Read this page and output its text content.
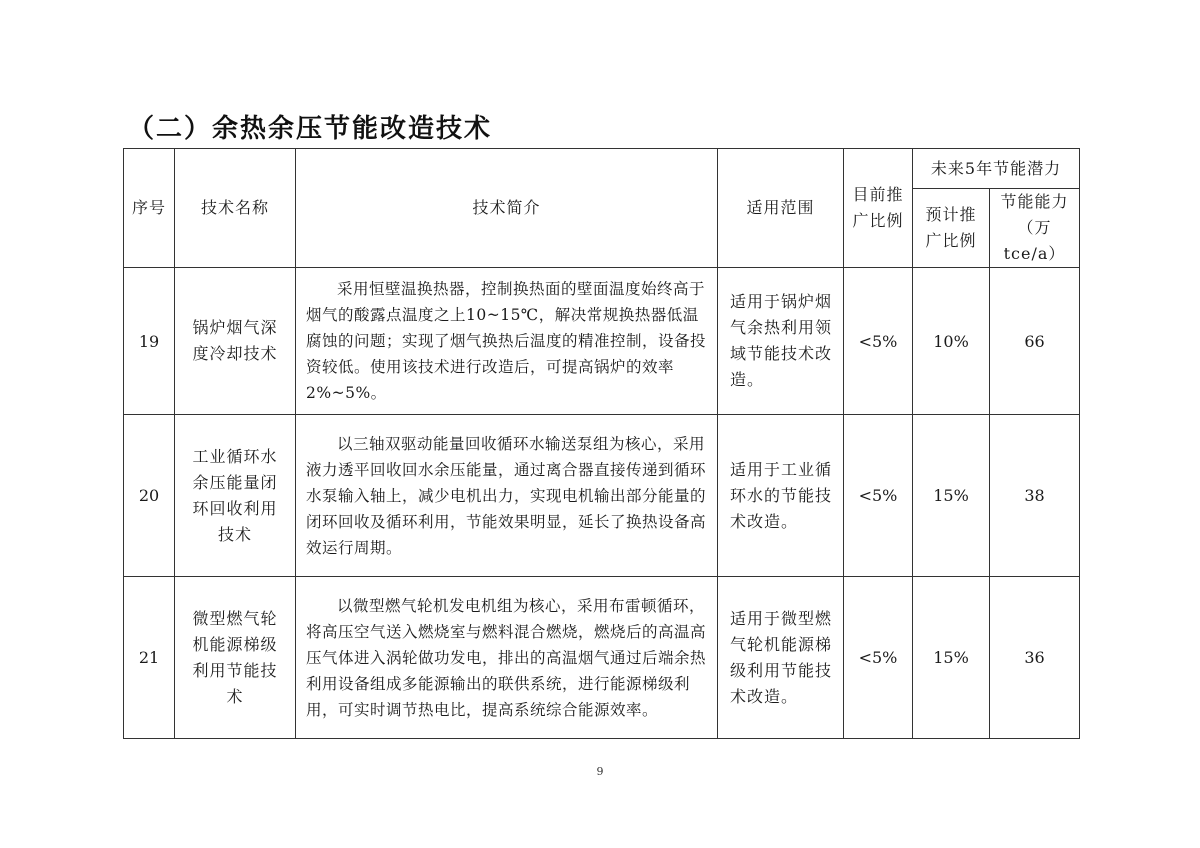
（二）余热余压节能改造技术
序号	技术名称	技术简介	适用范围	目前推广比例	未来5年节能潜力	

					预计推广比例	节能能力（万 tce/a）

19	锅炉烟气深度冷却技术	采用恒壁温换热器，控制换热面的壁面温度始终高于烟气的酸露点温度之上10~15℃，解决常规换热器低温腐蚀的问题；实现了烟气换热后温度的精准控制，设备投资较低。使用该技术进行改造后，可提高锅炉的效率2%~5%。	适用于锅炉烟气余热利用领域节能技术改造。	<5%	10%	66
20	工业循环水余压能量闭环回收利用技术	以三轴双驱动能量回收循环水输送泵组为核心，采用液力透平回收回水余压能量，通过离合器直接传递到循环水泵输入轴上，减少电机出力，实现电机输出部分能量的闭环回收及循环利用，节能效果明显，延长了换热设备高效运行周期。	适用于工业循环水的节能技术改造。	<5%	15%	38
21	微型燃气轮机能源梯级利用节能技术	以微型燃气轮机发电机组为核心，采用布雷顿循环，将高压空气送入燃烧室与燃料混合燃烧，燃烧后的高温高压气体进入涡轮做功发电，排出的高温烟气通过后端余热利用设备组成多能源输出的联供系统，进行能源梯级利用，可实时调节热电比，提高系统综合能源效率。	适用于微型燃气轮机能源梯级利用节能技术改造。	<5%	15%	36
9
